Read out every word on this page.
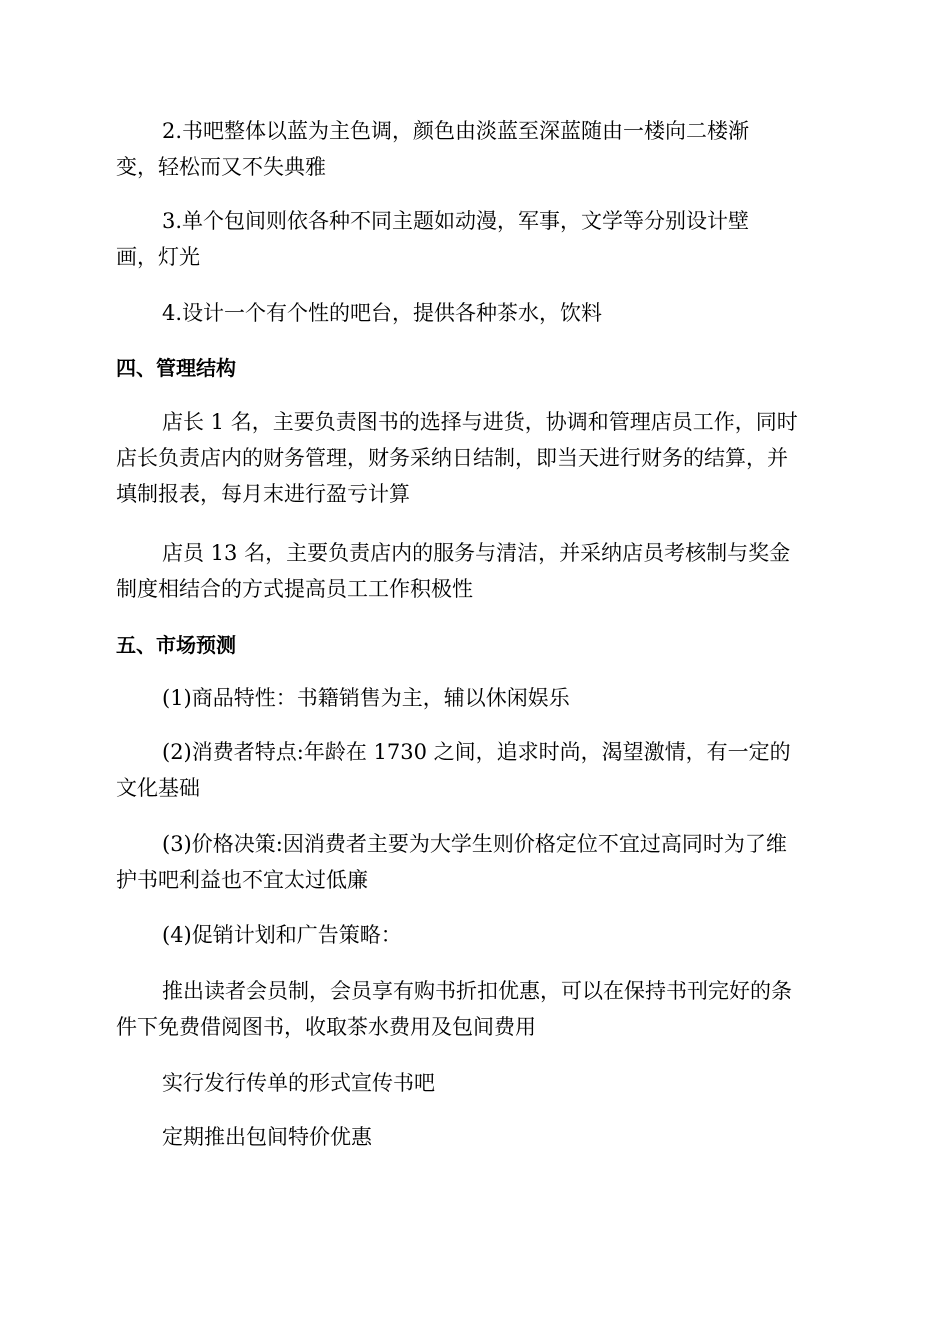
2.书吧整体以蓝为主色调，颜色由淡蓝至深蓝随由一楼向二楼渐
变，轻松而又不失典雅
3.单个包间则依各种不同主题如动漫，军事，文学等分别设计壁
画，灯光
4.设计一个有个性的吧台，提供各种茶水，饮料
四、管理结构
店长 1 名，主要负责图书的选择与进货，协调和管理店员工作，同时
店长负责店内的财务管理，财务采纳日结制，即当天进行财务的结算，并
填制报表，每月末进行盈亏计算
店员 13 名，主要负责店内的服务与清洁，并采纳店员考核制与奖金
制度相结合的方式提高员工工作积极性
五、市场预测
(1)商品特性：书籍销售为主，辅以休闲娱乐
(2)消费者特点:年龄在 1730 之间，追求时尚，渴望激情，有一定的
文化基础
(3)价格决策:因消费者主要为大学生则价格定位不宜过高同时为了维
护书吧利益也不宜太过低廉
(4)促销计划和广告策略：
推出读者会员制，会员享有购书折扣优惠，可以在保持书刊完好的条
件下免费借阅图书，收取茶水费用及包间费用
实行发行传单的形式宣传书吧
定期推出包间特价优惠
